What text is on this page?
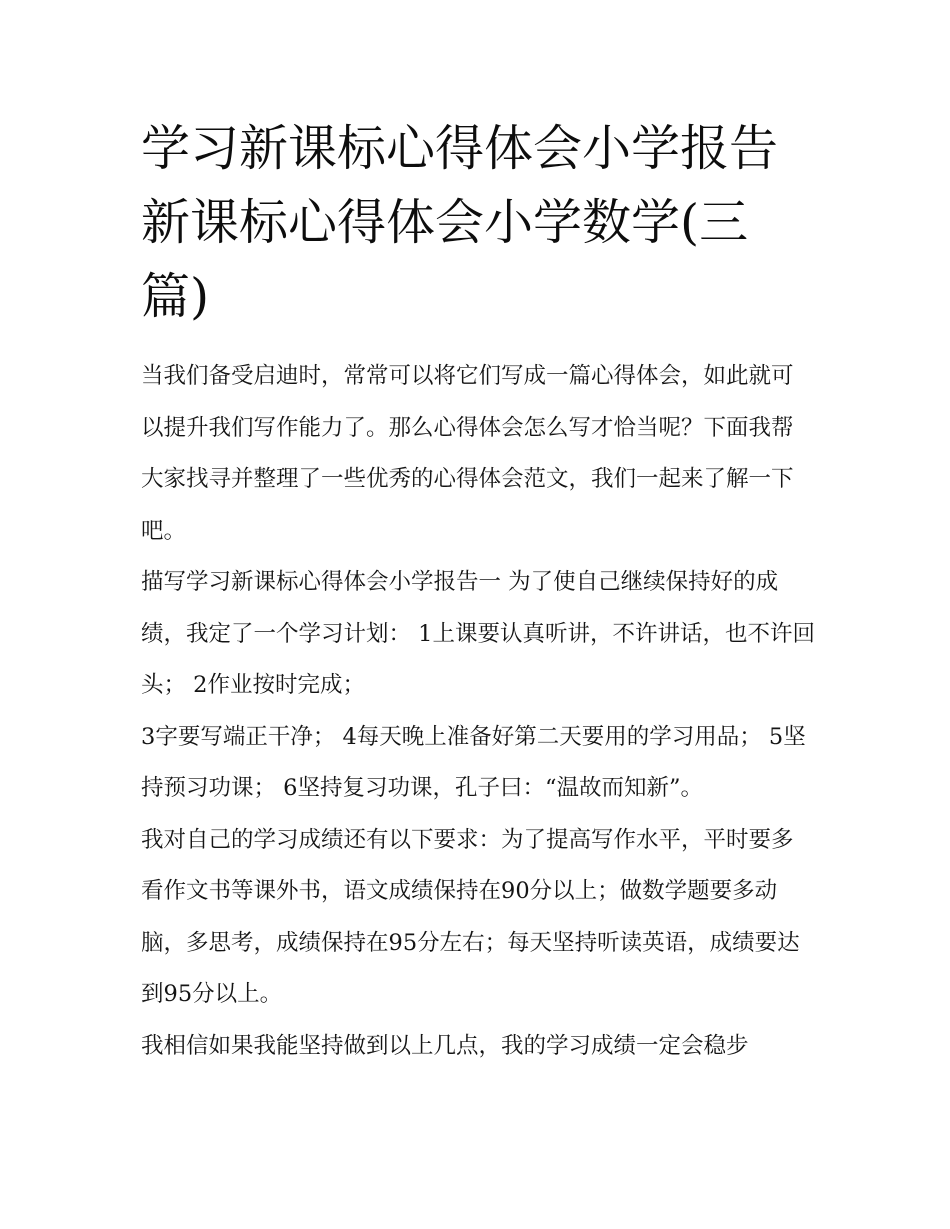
学习新课标心得体会小学报告新课标心得体会小学数学(三篇)

当我们备受启迪时，常常可以将它们写成一篇心得体会，如此就可以提升我们写作能力了。那么心得体会怎么写才恰当呢？下面我帮大家找寻并整理了一些优秀的心得体会范文，我们一起来了解一下吧。

描写学习新课标心得体会小学报告一 为了使自己继续保持好的成绩，我定了一个学习计划： 1上课要认真听讲，不许讲话，也不许回头； 2作业按时完成；

3字要写端正干净； 4每天晚上准备好第二天要用的学习用品； 5坚持预习功课； 6坚持复习功课，孔子曰：“温故而知新”。

我对自己的学习成绩还有以下要求：为了提高写作水平，平时要多看作文书等课外书，语文成绩保持在90分以上；做数学题要多动脑，多思考，成绩保持在95分左右；每天坚持听读英语，成绩要达到95分以上。

我相信如果我能坚持做到以上几点，我的学习成绩一定会稳步
